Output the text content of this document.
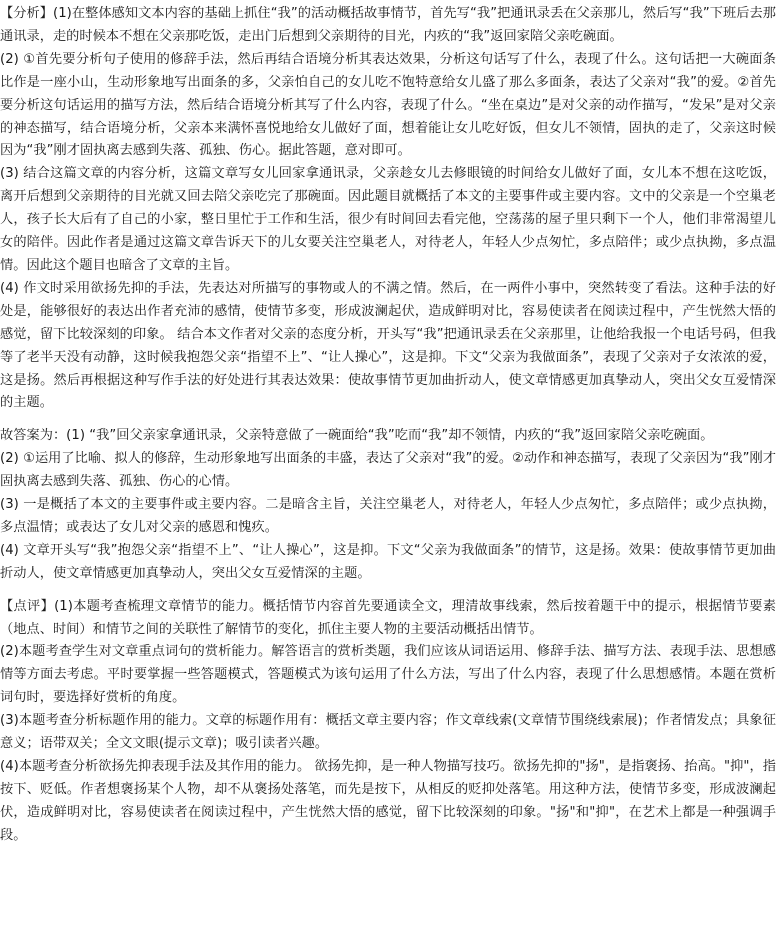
【分析】(1)在整体感知文本内容的基础上抓住“我”的活动概括故事情节，首先写“我”把通讯录丢在父亲那儿，然后写“我”下班后去那通讯录，走的时候本不想在父亲那吃饭，走出门后想到父亲期待的目光，内疚的“我”返回家陪父亲吃碗面。

(2) ①首先要分析句子使用的修辞手法，然后再结合语境分析其表达效果，分析这句话写了什么，表现了什么。这句话把一大碗面条比作是一座小山，生动形象地写出面条的多，父亲怕自己的女儿吃不饱特意给女儿盛了那么多面条，表达了父亲对“我”的爱。②首先要分析这句话运用的描写方法，然后结合语境分析其写了什么内容，表现了什么。“坐在桌边”是对父亲的动作描写，“发呆”是对父亲的神态描写，结合语境分析，父亲本来满怀喜悦地给女儿做好了面，想着能让女儿吃好饭，但女儿不领情，固执的走了，父亲这时候因为“我”刚才固执离去感到失落、孤独、伤心。据此答题，意对即可。

(3) 结合这篇文章的内容分析，这篇文章写女儿回家拿通讯录，父亲趁女儿去修眼镜的时间给女儿做好了面，女儿本不想在这吃饭，离开后想到父亲期待的目光就又回去陪父亲吃完了那碗面。因此题目就概括了本文的主要事件或主要内容。文中的父亲是一个空巢老人，孩子长大后有了自己的小家，整日里忙于工作和生活，很少有时间回去看完他，空荡荡的屋子里只剩下一个人，他们非常渴望儿女的陪伴。因此作者是通过这篇文章告诉天下的儿女要关注空巢老人，对待老人，年轻人少点匆忙，多点陪伴；或少点执拗，多点温情。因此这个题目也暗含了文章的主旨。

(4) 作文时采用欲扬先抑的手法，先表达对所描写的事物或人的不满之情。然后，在一两件小事中，突然转变了看法。这种手法的好处是，能够很好的表达出作者充沛的感情，使情节多变，形成波澜起伏，造成鲜明对比，容易使读者在阅读过程中，产生恍然大悟的感觉，留下比较深刻的印象。 结合本文作者对父亲的态度分析，开头写“我”把通讯录丢在父亲那里，让他给我报一个电话号码，但我等了老半天没有动静，这时候我抱怨父亲“指望不上”、“让人操心”，这是抑。下文“父亲为我做面条”，表现了父亲对子女浓浓的爱，这是扬。然后再根据这种写作手法的好处进行其表达效果：使故事情节更加曲折动人，使文章情感更加真挚动人，突出父女互爱情深的主题。

故答案为：(1) “我”回父亲家拿通讯录，父亲特意做了一碗面给“我”吃而“我”却不领情，内疚的“我”返回家陪父亲吃碗面。

(2) ①运用了比喻、拟人的修辞，生动形象地写出面条的丰盛，表达了父亲对“我”的爱。②动作和神态描写，表现了父亲因为“我”刚才固执离去感到失落、孤独、伤心的心情。

(3) 一是概括了本文的主要事件或主要内容。二是暗含主旨，关注空巢老人，对待老人，年轻人少点匆忙，多点陪伴；或少点执拗，多点温情；或表达了女儿对父亲的感恩和愧疚。

(4) 文章开头写“我”抱怨父亲“指望不上”、“让人操心”，这是抑。下文“父亲为我做面条”的情节，这是扬。效果：使故事情节更加曲折动人，使文章情感更加真挚动人，突出父女互爱情深的主题。

【点评】(1)本题考查梳理文章情节的能力。概括情节内容首先要通读全文，理清故事线索，然后按着题干中的提示，根据情节要素（地点、时间）和情节之间的关联性了解情节的变化，抓住主要人物的主要活动概括出情节。

(2)本题考查学生对文章重点词句的赏析能力。解答语言的赏析类题，我们应该从词语运用、修辞手法、描写方法、表现手法、思想感情等方面去考虑。平时要掌握一些答题模式，答题模式为该句运用了什么方法，写出了什么内容，表现了什么思想感情。本题在赏析词句时，要选择好赏析的角度。

(3)本题考查分析标题作用的能力。文章的标题作用有：概括文章主要内容；作文章线索(文章情节围绕线索展)；作者情发点；具象征意义；语带双关；全文文眼(提示文章)；吸引读者兴趣。

(4)本题考查分析欲扬先抑表现手法及其作用的能力。 欲扬先抑，是一种人物描写技巧。欲扬先抑的"扬"，是指褒扬、抬高。"抑"，指按下、贬低。作者想褒扬某个人物，却不从褒扬处落笔，而先是按下，从相反的贬抑处落笔。用这种方法，使情节多变，形成波澜起伏，造成鲜明对比，容易使读者在阅读过程中，产生恍然大悟的感觉，留下比较深刻的印象。"扬"和"抑"，在艺术上都是一种强调手段。
